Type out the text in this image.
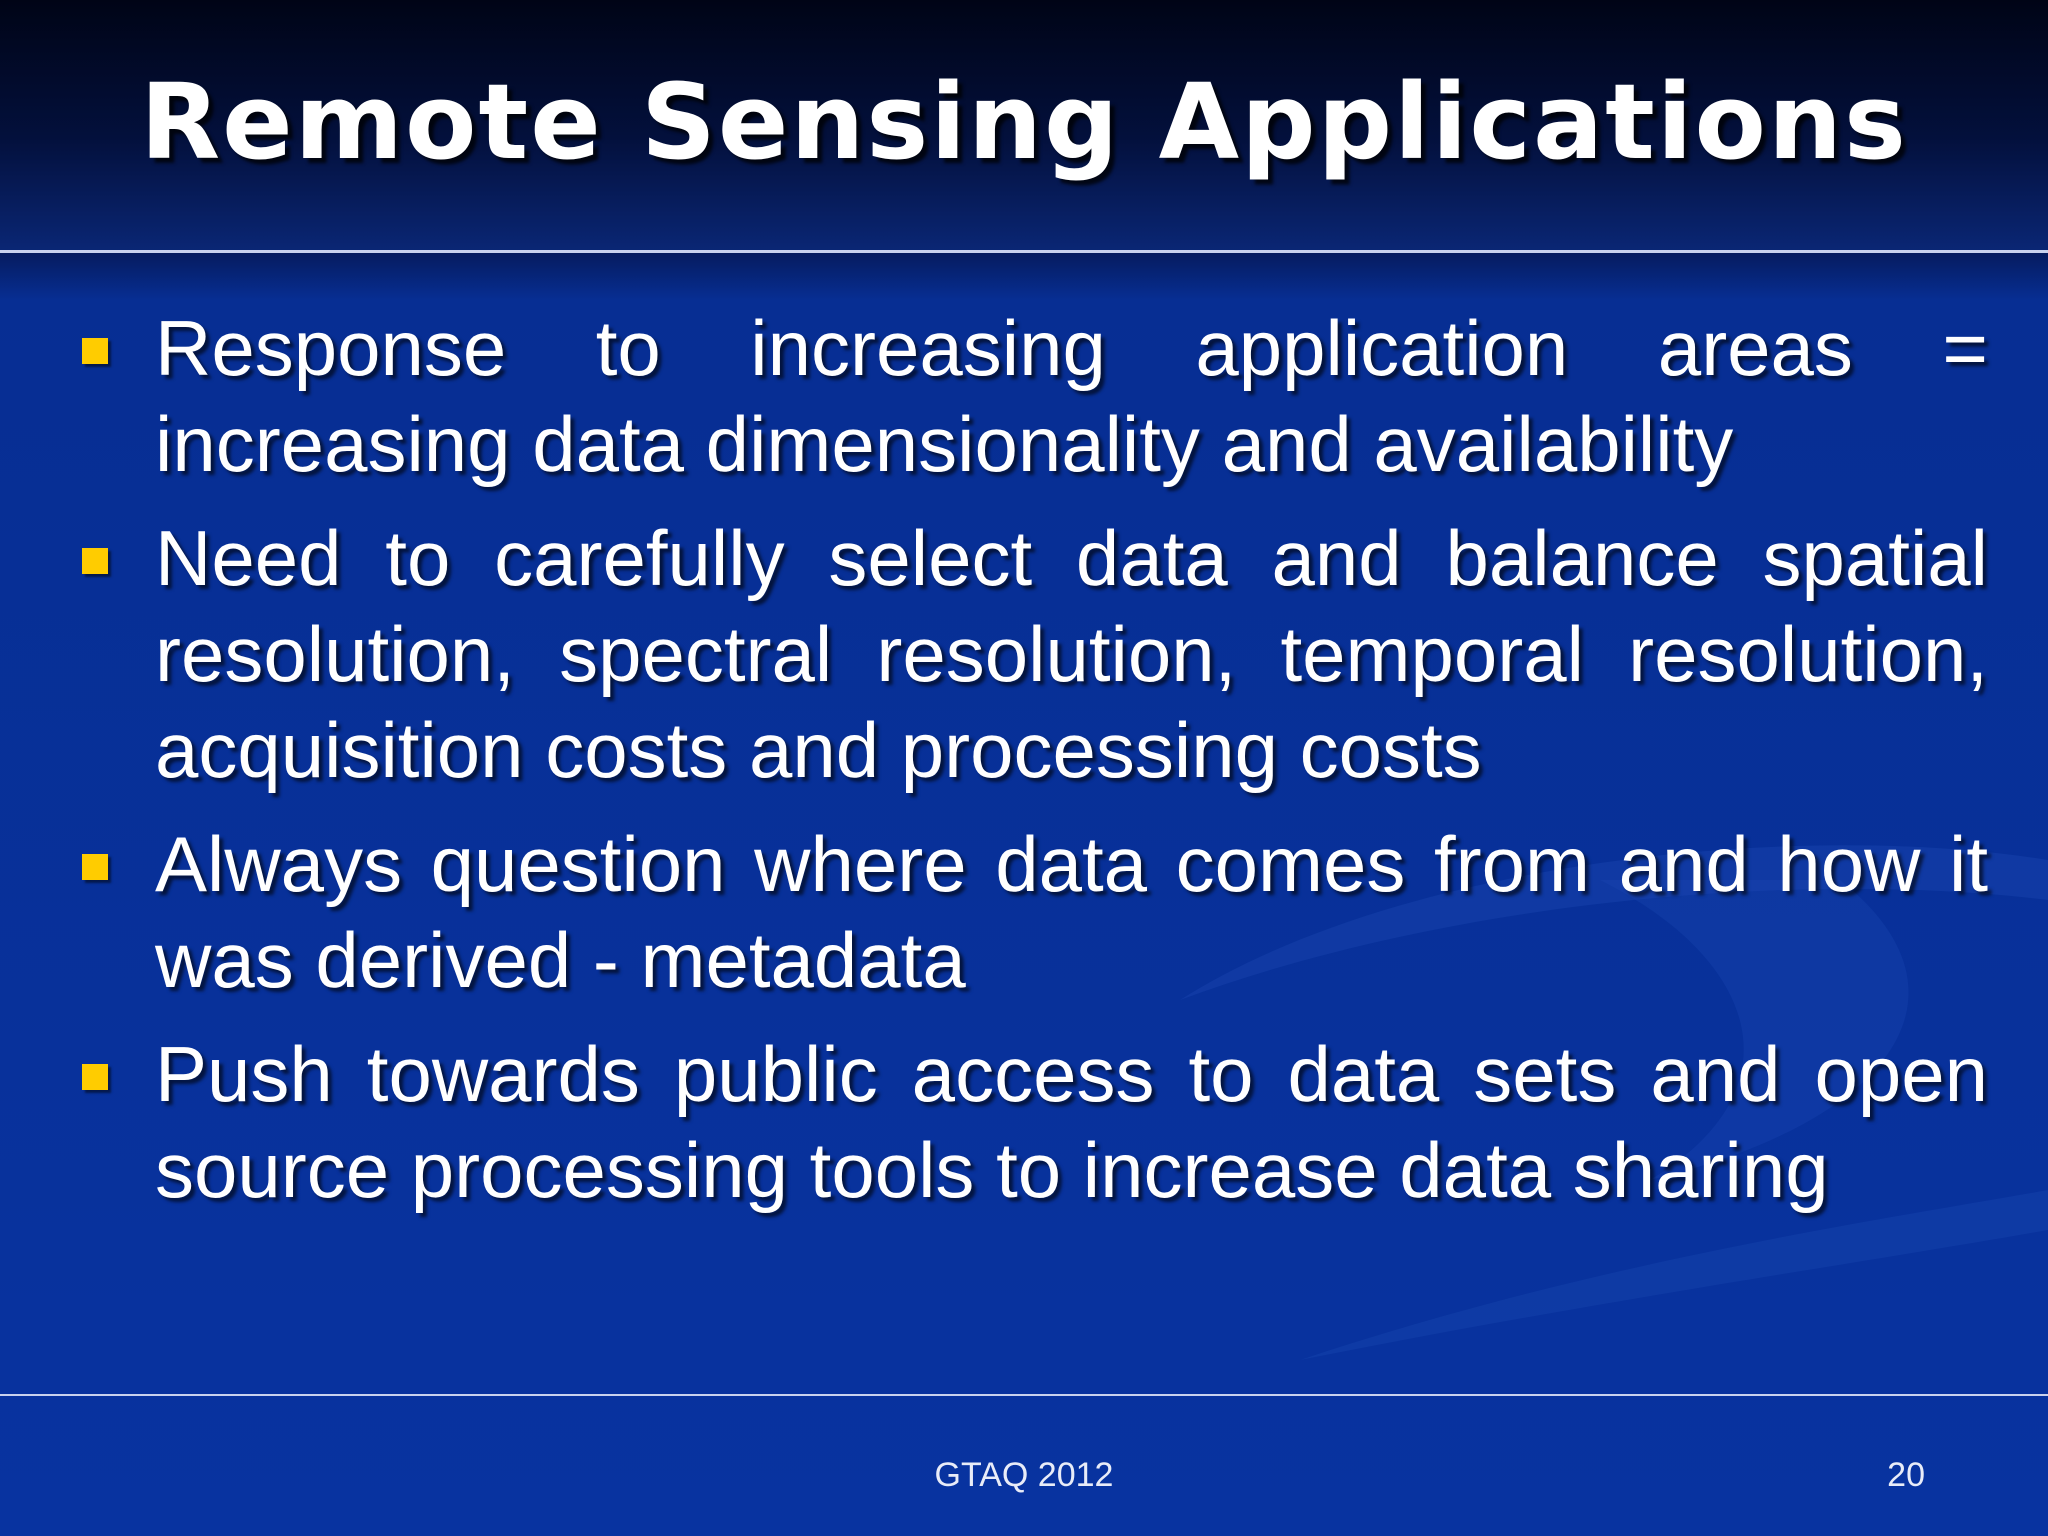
Remote Sensing Applications
Response to increasing application areas = increasing data dimensionality and availability
Need to carefully select data and balance spatial resolution, spectral resolution, temporal resolution, acquisition costs and processing costs
Always question where data comes from and how it was derived - metadata
Push towards public access to data sets and open source processing tools to increase data sharing
GTAQ 2012	20
